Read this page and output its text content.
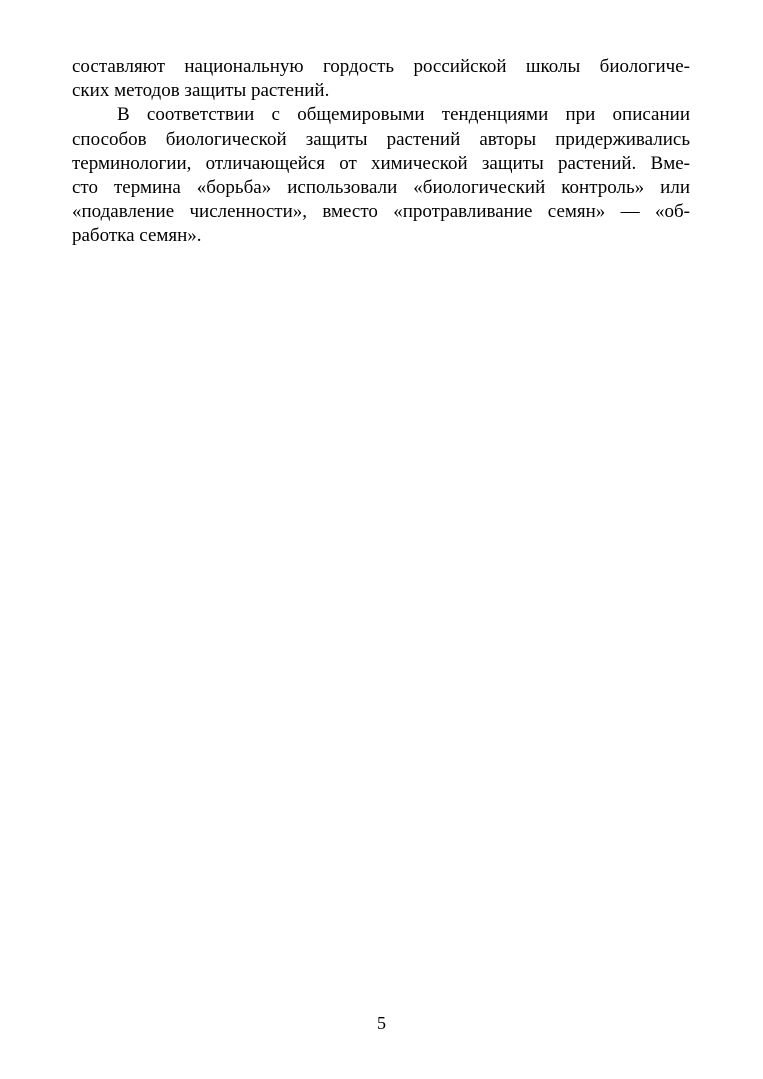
составляют национальную гордость российской школы биологиче-
ских методов защиты растений.
В соответствии с общемировыми тенденциями при описании
способов биологической защиты растений авторы придерживались
терминологии, отличающейся от химической защиты растений. Вме-
сто термина «борьба» использовали «биологический контроль» или
«подавление численности», вместо «протравливание семян» — «об-
работка семян».
5
